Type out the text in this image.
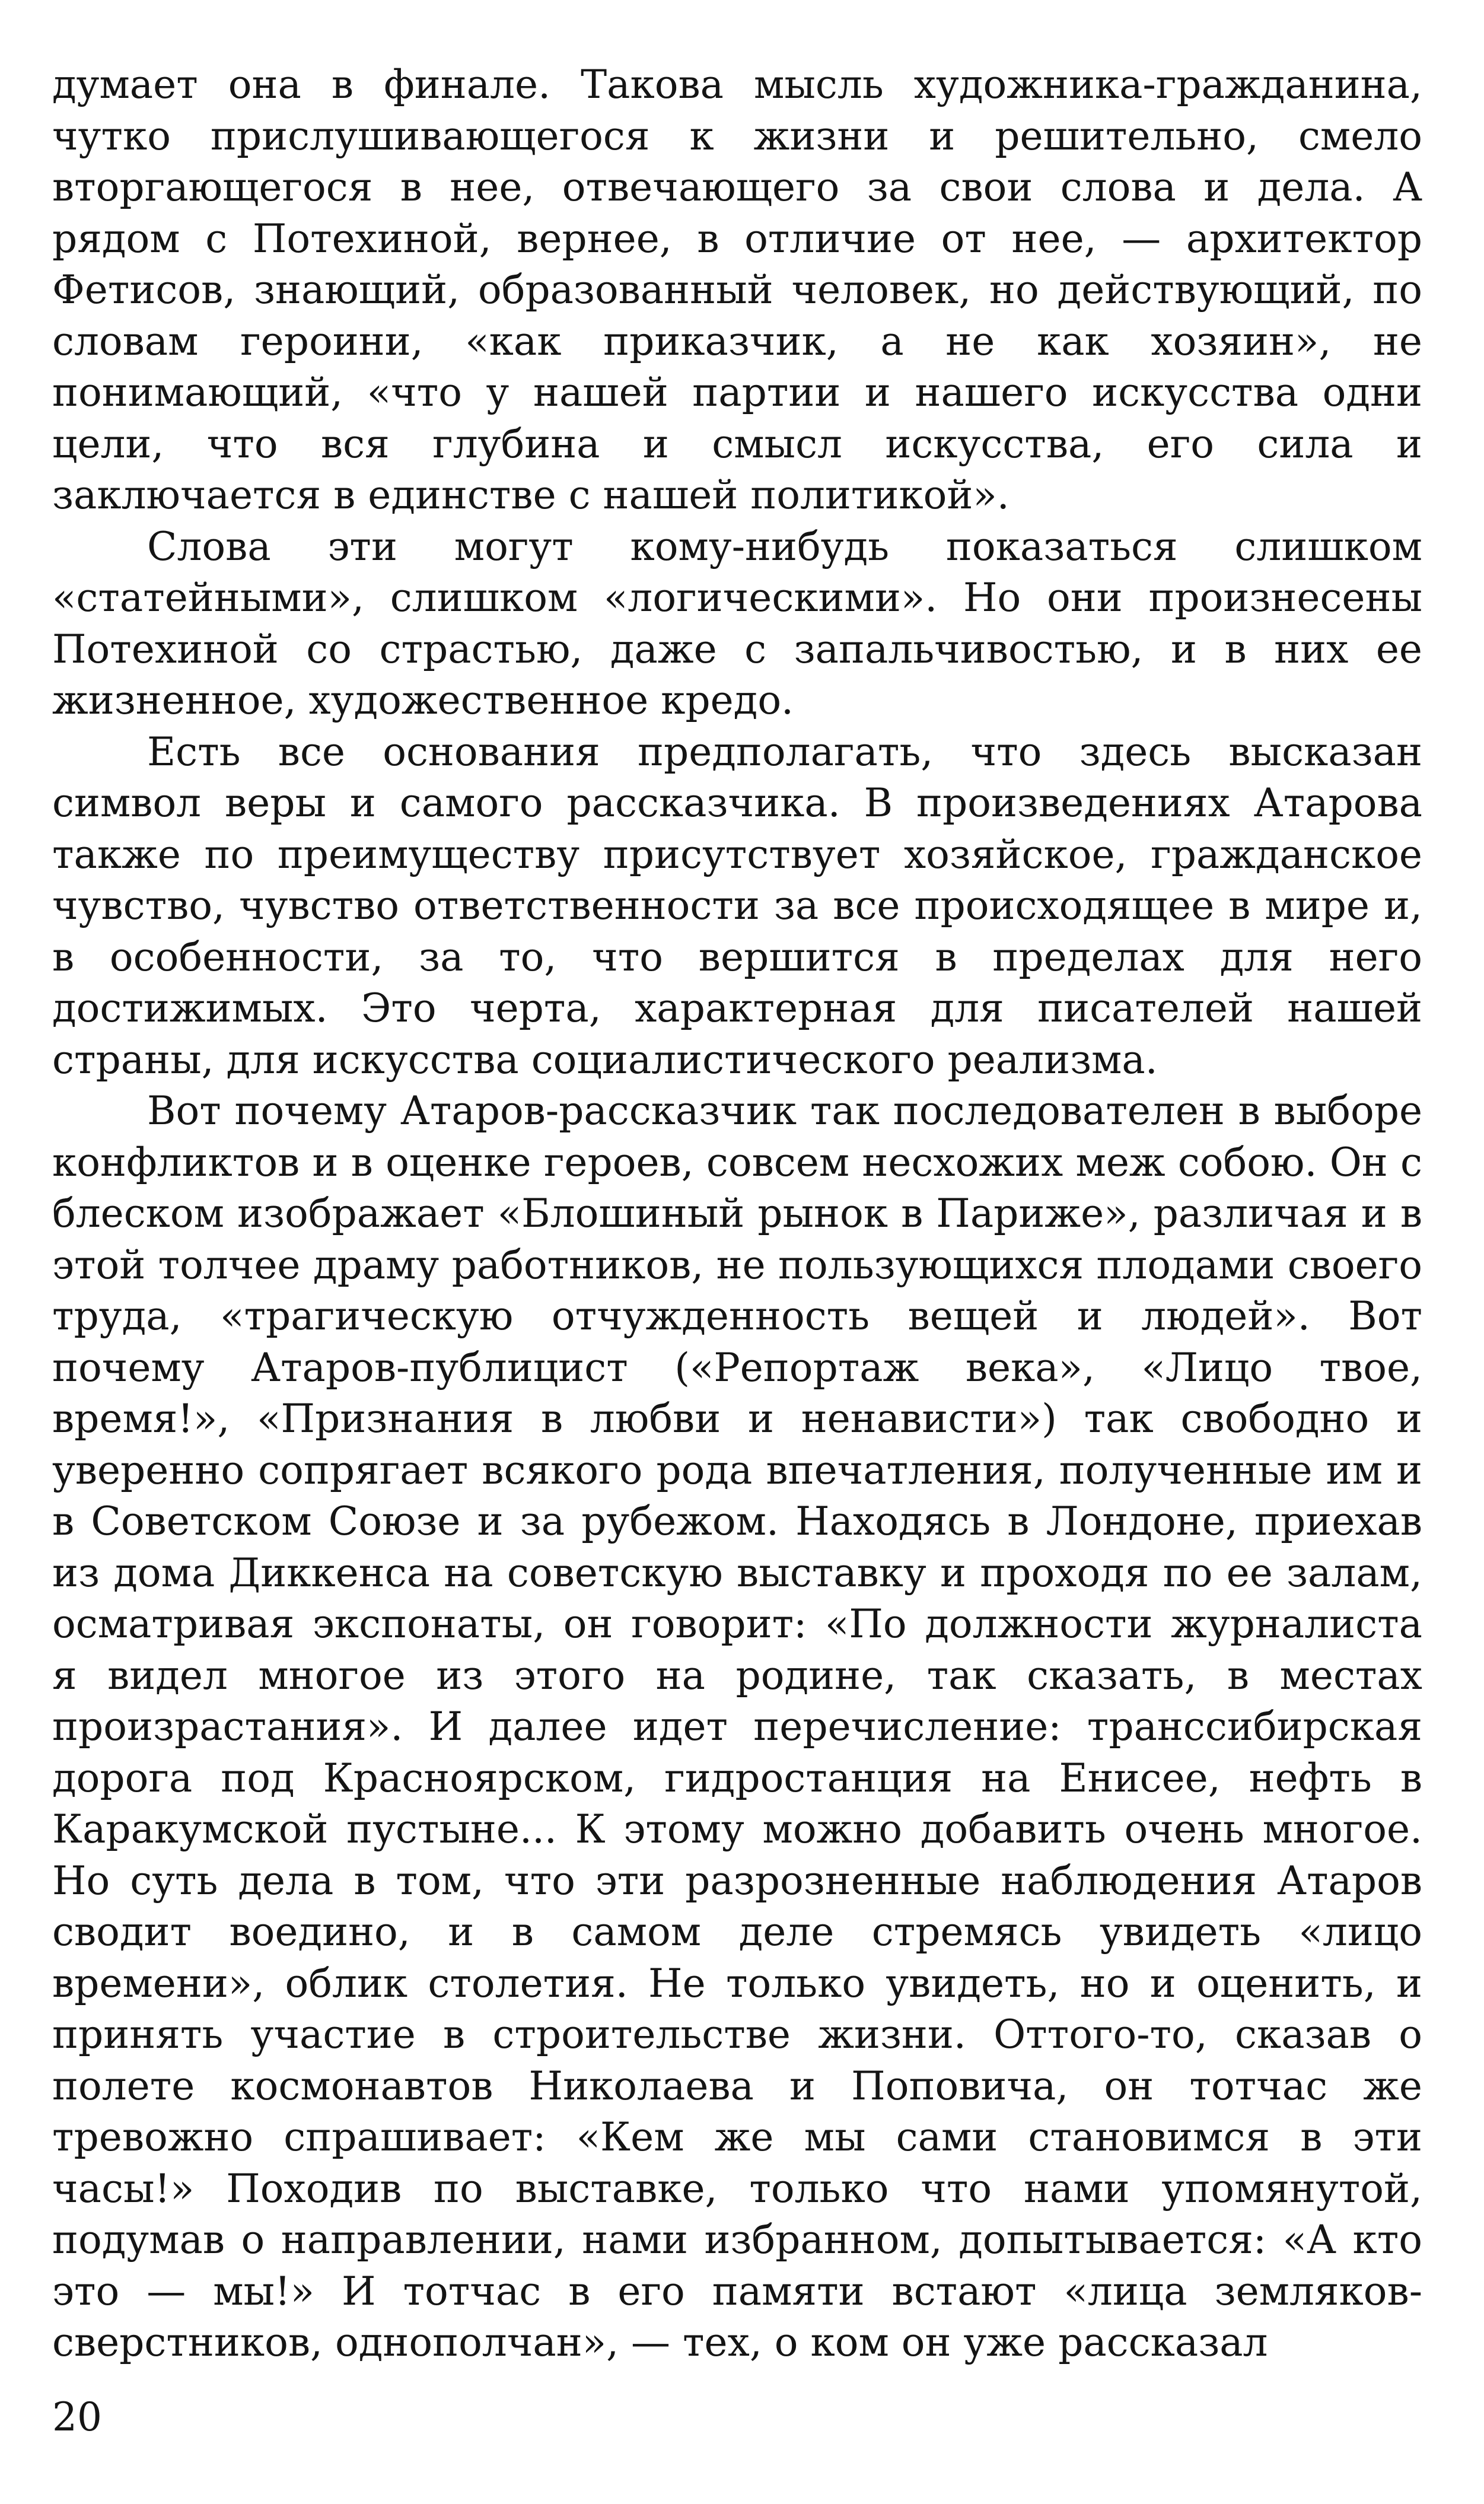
думает она в финале. Такова мысль художника-гражданина, чутко прислушивающегося к жизни и решительно, смело вторгающегося в нее, отвечающего за свои слова и дела. А рядом с Потехиной, вернее, в отличие от нее, — архитектор Фетисов, знающий, образованный человек, но действующий, по словам героини, «как приказчик, а не как хозяин», не понимающий, «что у нашей партии и нашего искусства одни цели, что вся глубина и смысл искусства, его сила и заключается в единстве с нашей политикой».

Слова эти могут кому-нибудь показаться слишком «статейными», слишком «логическими». Но они произнесены Потехиной со страстью, даже с запальчивостью, и в них ее жизненное, художественное кредо.

Есть все основания предполагать, что здесь высказан символ веры и самого рассказчика. В произведениях Атарова также по преимуществу присутствует хозяйское, гражданское чувство, чувство ответственности за все происходящее в мире и, в особенности, за то, что вершится в пределах для него достижимых. Это черта, характерная для писателей нашей страны, для искусства социалистического реализма.

Вот почему Атаров-рассказчик так последователен в выборе конфликтов и в оценке героев, совсем несхожих меж собою. Он с блеском изображает «Блошиный рынок в Париже», различая и в этой толчее драму работников, не пользующихся плодами своего труда, «трагическую отчужденность вещей и людей». Вот почему Атаров-публицист («Репортаж века», «Лицо твое, время!», «Признания в любви и ненависти») так свободно и уверенно сопрягает всякого рода впечатления, полученные им и в Советском Союзе и за рубежом. Находясь в Лондоне, приехав из дома Диккенса на советскую выставку и проходя по ее залам, осматривая экспонаты, он говорит: «По должности журналиста я видел многое из этого на родине, так сказать, в местах произрастания». И далее идет перечисление: транссибирская дорога под Красноярском, гидростанция на Енисее, нефть в Каракумской пустыне... К этому можно добавить очень многое. Но суть дела в том, что эти разрозненные наблюдения Атаров сводит воедино, и в самом деле стремясь увидеть «лицо времени», облик столетия. Не только увидеть, но и оценить, и принять участие в строительстве жизни. Оттого-то, сказав о полете космонавтов Николаева и Поповича, он тотчас же тревожно спрашивает: «Кем же мы сами становимся в эти часы!» Походив по выставке, только что нами упомянутой, подумав о направлении, нами избранном, допытывается: «А кто это — мы!» И тотчас в его памяти встают «лица земляков-сверстников, однополчан», — тех, о ком он уже рассказал

20
